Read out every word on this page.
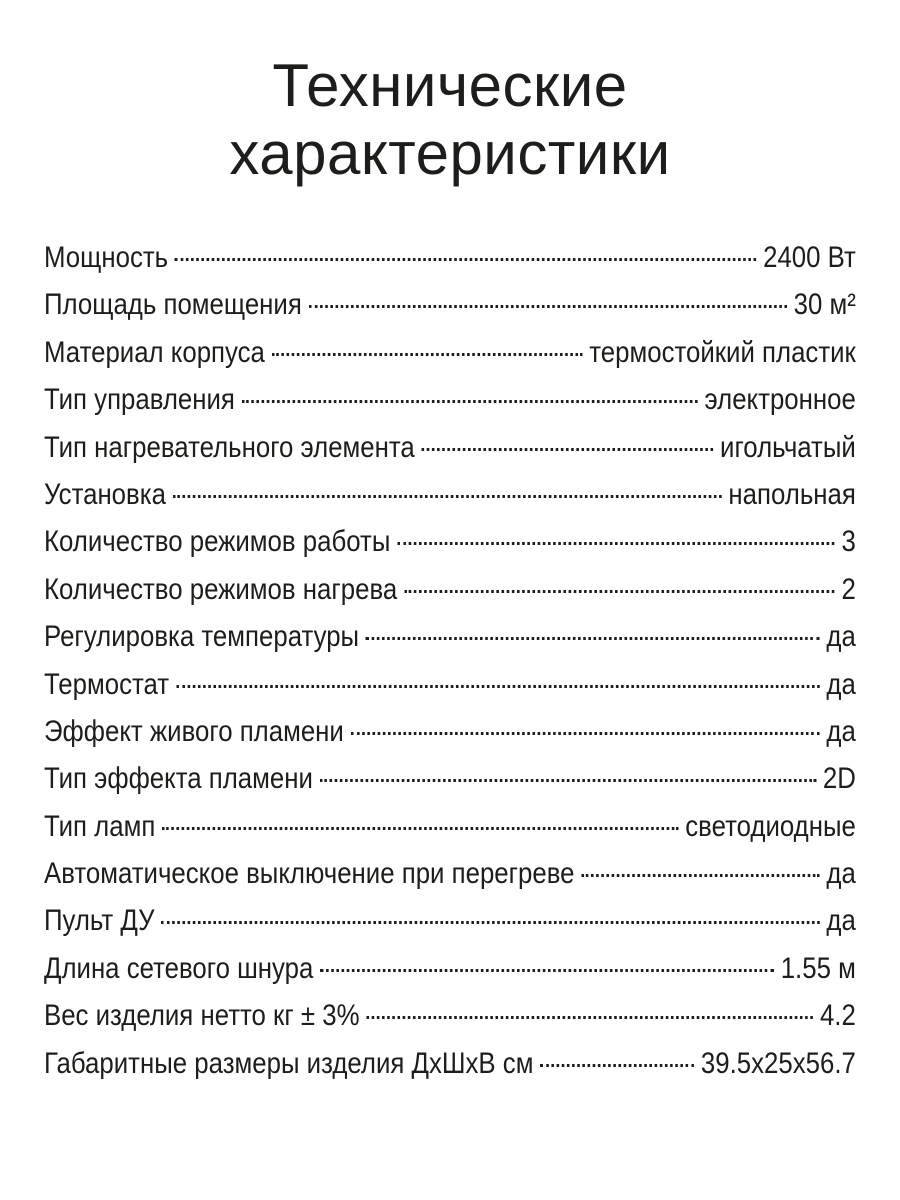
Технические
характеристики
Мощность	2400 Вт
Площадь помещения	30 м²
Материал корпуса	термостойкий пластик
Тип управления	электронное
Тип нагревательного элемента	игольчатый
Установка	напольная
Количество режимов работы	3
Количество режимов нагрева	2
Регулировка температуры	да
Термостат	да
Эффект живого пламени	да
Тип эффекта пламени	2D
Тип ламп	светодиодные
Автоматическое выключение при перегреве	да
Пульт ДУ	да
Длина сетевого шнура	1.55 м
Вес изделия нетто кг ± 3%	4.2
Габаритные размеры изделия ДхШхВ см	39.5x25x56.7
